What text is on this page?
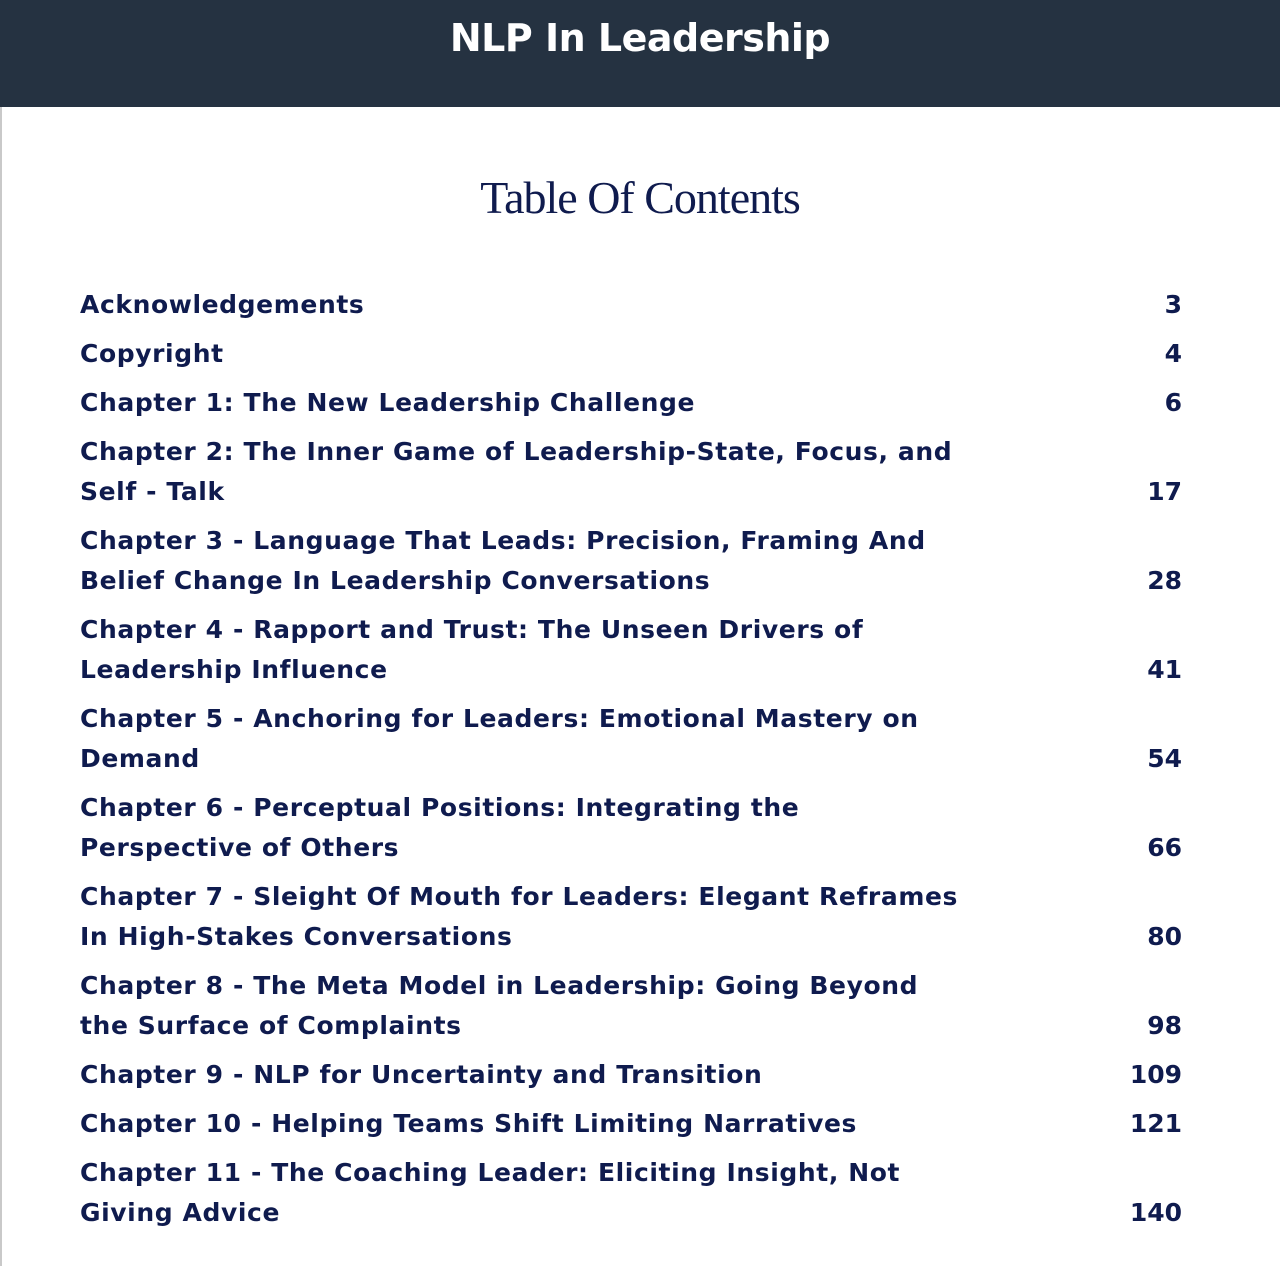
NLP In Leadership
Table Of Contents
Acknowledgements	3
Copyright	4
Chapter 1: The New Leadership Challenge	6
Chapter 2: The Inner Game of Leadership-State, Focus, and Self - Talk	17
Chapter 3 - Language That Leads: Precision, Framing And Belief Change In Leadership Conversations	28
Chapter 4 - Rapport and Trust: The Unseen Drivers of Leadership Influence	41
Chapter 5 - Anchoring for Leaders: Emotional Mastery on Demand	54
Chapter 6 - Perceptual Positions: Integrating the Perspective of Others	66
Chapter 7 - Sleight Of Mouth for Leaders: Elegant Reframes In High-Stakes Conversations	80
Chapter 8 - The Meta Model in Leadership: Going Beyond the Surface of Complaints	98
Chapter 9 - NLP for Uncertainty and Transition	109
Chapter 10 - Helping Teams Shift Limiting Narratives	121
Chapter 11 - The Coaching Leader: Eliciting Insight, Not Giving Advice	140
